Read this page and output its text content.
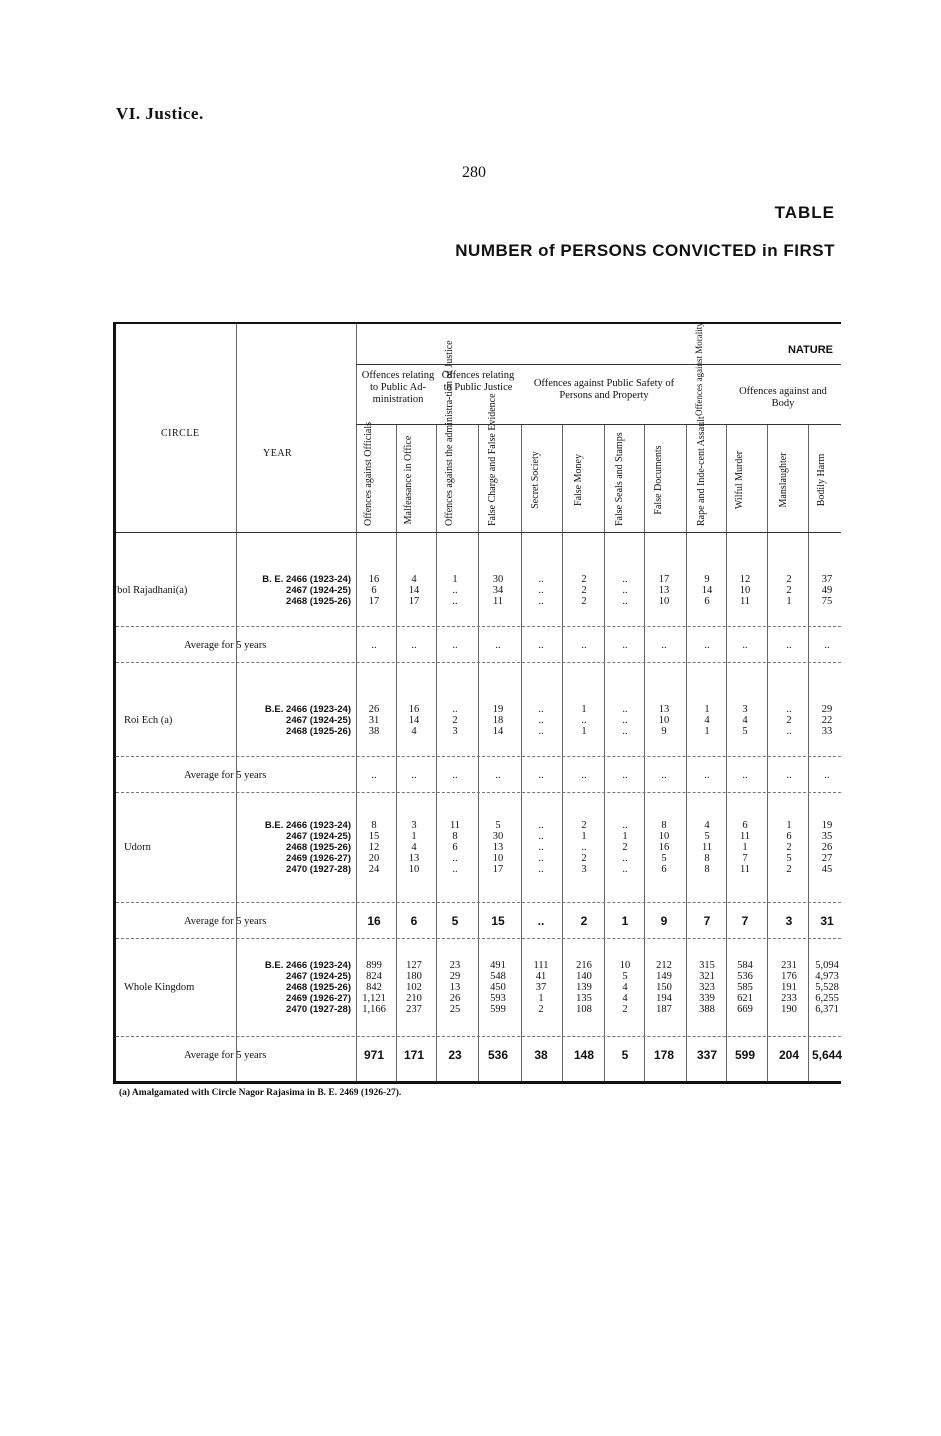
VI. Justice.
280
TABLE
NUMBER of PERSONS CONVICTED in FIRST
NATURE
CIRCLE
YEAR
Offences relating to Public Ad-ministration
Offences relating to Public Justice	Offences against Public Safety of Persons and Property	Offences against Morality	Offences against and Body
Offences against Officials	Malfeasance in Office	Offences against the administra-tion of Justice	False Charge and False Evidence	Secret Society	False Money	False Seals and Stamps	False Documents	Rape and Inde-cent Assault	Wilful Murder	Manslaughter	Bodily Harm
Jbol Rajadhani(a)
B. E. 2466 (1923-24)
2467 (1924-25)
2468 (1925-26)
16	4	1	30	..	2	..	17	9	12	2	37
6	14	..	34	..	2	..	13	14	10	2	49
17	17	..	11	..	2	..	10	6	11	1	75
Average for 5 years	..	..	..	..	..	..	..	..	..	..	..	..
Roi Ech (a)
B.E. 2466 (1923-24)
2467 (1924-25)
2468 (1925-26)
26	16	..	19	..	1	..	13	1	3	..	29
31	14	2	18	..	..	..	10	4	4	2	22
38	4	3	14	..	1	..	9	1	5	..	33
Average for 5 years	..	..	..	..	..	..	..	..	..	..	..	..
Udorn
B.E. 2466 (1923-24)
2467 (1924-25)
2468 (1925-26)
2469 (1926-27)
2470 (1927-28)
8	3	11	5	..	2	..	8	4	6	1	19
15	1	8	30	..	1	1	10	5	11	6	35
12	4	6	13	..	..	2	16	11	1	2	26
20	13	..	10	..	2	..	5	8	7	5	27
24	10	..	17	..	3	..	6	8	11	2	45
Average for 5 years	16	6	5	15	..	2	1	9	7	7	3	31
Whole Kingdom
B.E. 2466 (1923-24)
2467 (1924-25)
2468 (1925-26)
2469 (1926-27)
2470 (1927-28)
899	127	23	491	111	216	10	212	315	584	231	5,094
824	180	29	548	41	140	5	149	321	536	176	4,973
842	102	13	450	37	139	4	150	323	585	191	5,528
1,121	210	26	593	1	135	4	194	339	621	233	6,255
1,166	237	25	599	2	108	2	187	388	669	190	6,371
Average for 5 years	971	171	23	536	38	148	5	178	337	599	204	5,644
(a) Amalgamated with Circle Nagor Rajasima in B. E. 2469 (1926-27).
